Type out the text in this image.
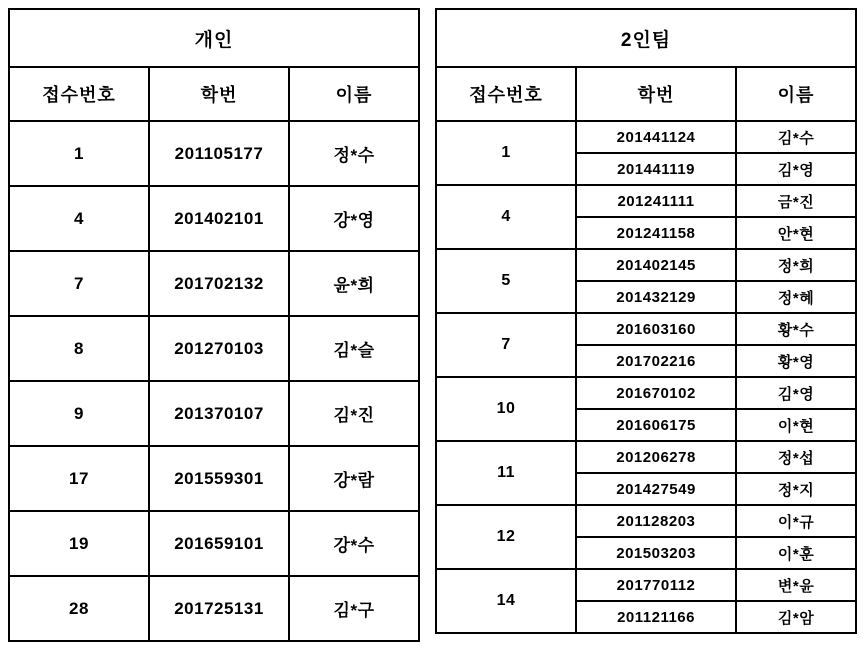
개인		
접수번호	학번	이름
1	201105177	정*수
4	201402101	강*영
7	201702132	윤*희
8	201270103	김*슬
9	201370107	김*진
17	201559301	강*람
19	201659101	강*수
28	201725131	김*구
2인팀		
접수번호	학번	이름
1	201441124	김*수
	201441119	김*영
4	201241111	금*진
	201241158	안*현
5	201402145	정*희
	201432129	정*혜
7	201603160	황*수
	201702216	황*영
10	201670102	김*영
	201606175	이*현
11	201206278	정*섭
	201427549	정*지
12	201128203	이*규
	201503203	이*훈
14	201770112	변*윤
	201121166	김*암
